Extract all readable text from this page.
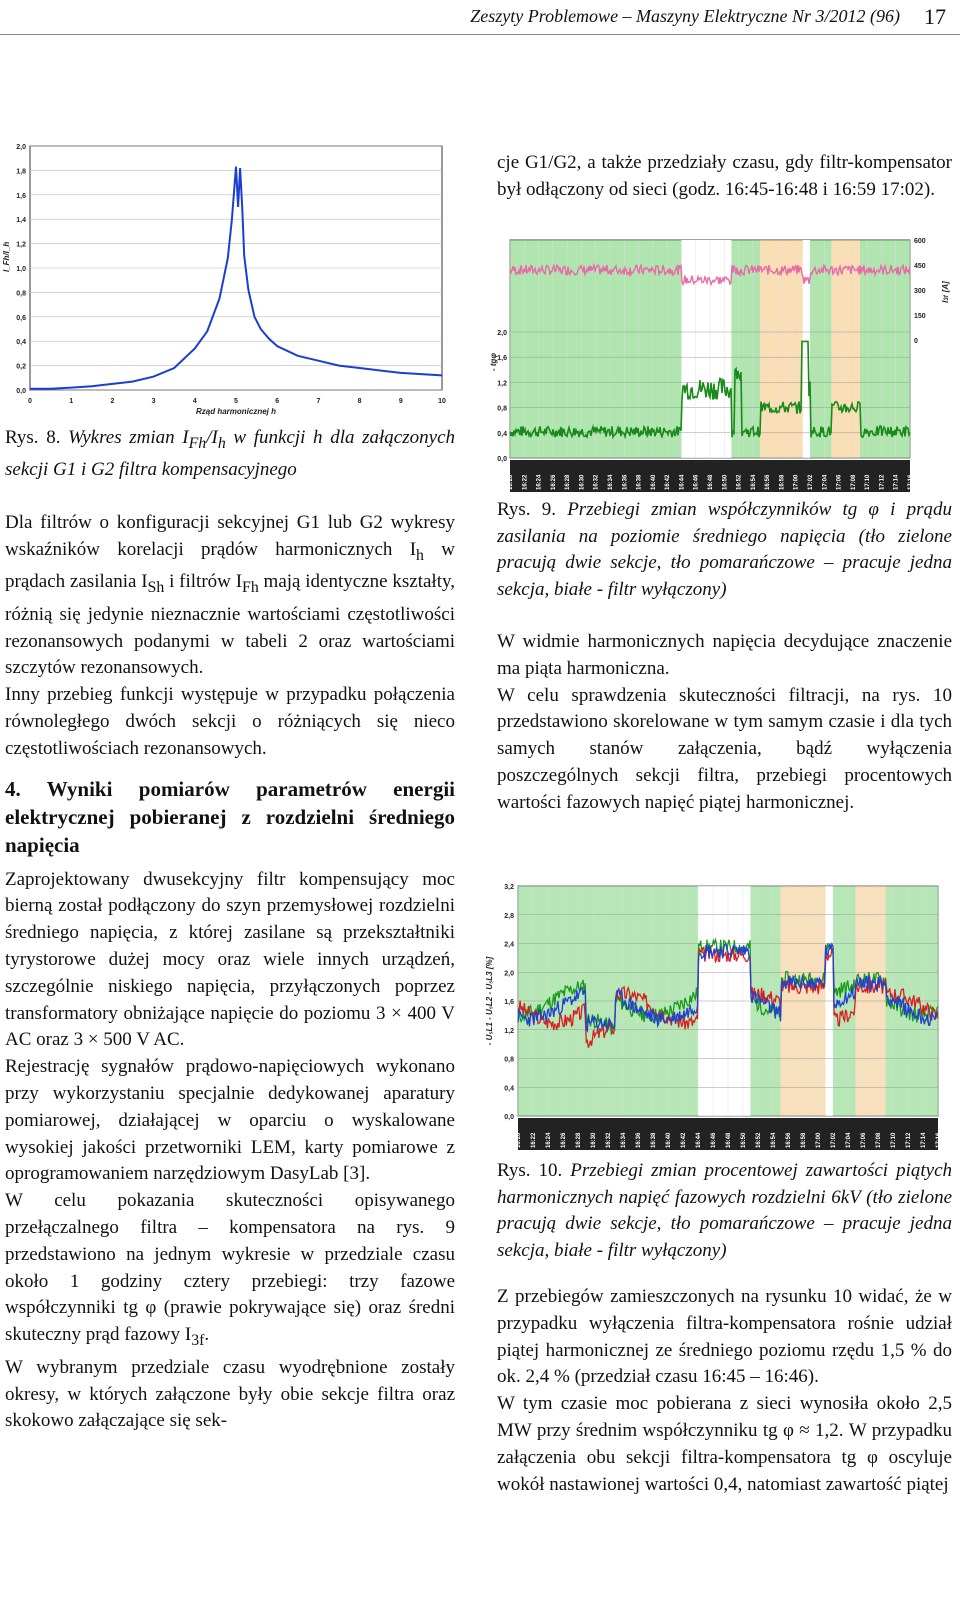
Zeszyty Problemowe – Maszyny Elektryczne Nr 3/2012 (96) 17
2,0
1,8
1,6
1,4
1,2
1,0
0,8
0,6
0,4
0,2
0,0
0	1	2	3	4	5	6	7	8	9	10
I_Fh/I_h
Rząd harmonicznej h

Rys. 8. Wykres zmian $I_{Fh}/I_h$ w funkcji h dla załączonych sekcji G1 i G2 filtra kompensacyjnego

Dla filtrów o konfiguracji sekcyjnej G1 lub G2 wykresy wskaźników korelacji prądów harmonicznych $I_h$ w prądach zasilania $I_{Sh}$ i filtrów $I_{Fh}$ mają identyczne kształty, różnią się jedynie nieznacznie wartościami częstotliwości rezonansowych podanymi w tabeli 2 oraz wartościami szczytów rezonansowych.

Inny przebieg funkcji występuje w przypadku połączenia równoległego dwóch sekcji o różniących się nieco częstotliwościach rezonansowych.

4. Wyniki pomiarów parametrów energii elektrycznej pobieranej z rozdzielni średniego napięcia

Zaprojektowany dwusekcyjny filtr kompensujący moc bierną został podłączony do szyn przemysłowej rozdzielni średniego napięcia, z której zasilane są przekształtniki tyrystorowe dużej mocy oraz wiele innych urządzeń, szczególnie niskiego napięcia, przyłączonych poprzez transformatory obniżające napięcie do poziomu 3 × 400 V AC oraz 3 × 500 V AC.

Rejestrację sygnałów prądowo-napięciowych wykonano przy wykorzystaniu specjalnie dedykowanej aparatury pomiarowej, działającej w oparciu o wyskalowane wysokiej jakości przetworniki LEM, karty pomiarowe z oprogramowaniem narzędziowym DasyLab [3].

W celu pokazania skuteczności opisywanego przełączalnego filtra – kompensatora na rys. 9 przedstawiono na jednym wykresie w przedziale czasu około 1 godziny cztery przebiegi: trzy fazowe współczynniki tg φ (prawie pokrywające się) oraz średni skuteczny prąd fazowy $I_{3f}$.

W wybranym przedziale czasu wyodrębnione zostały okresy, w których załączone były obie sekcje filtra oraz skokowo załączające się sek-

cje G1/G2, a także przedziały czasu, gdy filtr-kompensator był odłączony od sieci (godz. 16:45-16:48 i 16:59 17:02).

2,0
1,6
1,2
0,8
0,4
0,0
600
450
300
150
0
16:20 16:22 16:24 16:26 16:28 16:30 16:32 16:34 16:36 16:38 16:40 16:42 16:44 16:46 16:48 16:50 16:52 16:54 16:56 16:58 17:00 17:02 17:04 17:06 17:08 17:10 17:12 17:14 17:16
- tgφ
I3f[A]

Rys. 9. Przebiegi zmian współczynników tg φ i prądu zasilania na poziomie średniego napięcia (tło zielone pracują dwie sekcje, tło pomarańczowe – pracuje jedna sekcja, białe - filtr wyłączony)

W widmie harmonicznych napięcia decydujące znaczenie ma piąta harmoniczna.

W celu sprawdzenia skuteczności filtracji, na rys. 10 przedstawiono skorelowane w tym samym czasie i dla tych samych stanów załączenia, bądź wyłączenia poszczególnych sekcji filtra, przebiegi procentowych wartości fazowych napięć piątej harmonicznej.

3,2
2,8
2,4
2,0
1,6
1,2
0,8
0,4
0,0
16:20 16:22 16:24 16:26 16:28 16:30 16:32 16:34 16:36 16:38 16:40 16:42 16:44 16:46 16:48 16:50 16:52 16:54 16:56 16:58 17:00 17:02 17:04 17:06 17:08 17:10 17:12 17:14 17:16
- U₅L1 - U₅L2 - U₅L3 [%]

Rys. 10. Przebiegi zmian procentowej zawartości piątych harmonicznych napięć fazowych rozdzielni 6kV (tło zielone pracują dwie sekcje, tło pomarańczowe – pracuje jedna sekcja, białe - filtr wyłączony)

Z przebiegów zamieszczonych na rysunku 10 widać, że w przypadku wyłączenia filtra-kompensatora rośnie udział piątej harmonicznej ze średniego poziomu rzędu 1,5 % do ok. 2,4 % (przedział czasu 16:45 – 16:46).

W tym czasie moc pobierana z sieci wynosiła około 2,5 MW przy średnim współczynniku tg φ ≈ 1,2. W przypadku załączenia obu sekcji filtra-kompensatora tg φ oscyluje wokół nastawionej wartości 0,4, natomiast zawartość piątej
